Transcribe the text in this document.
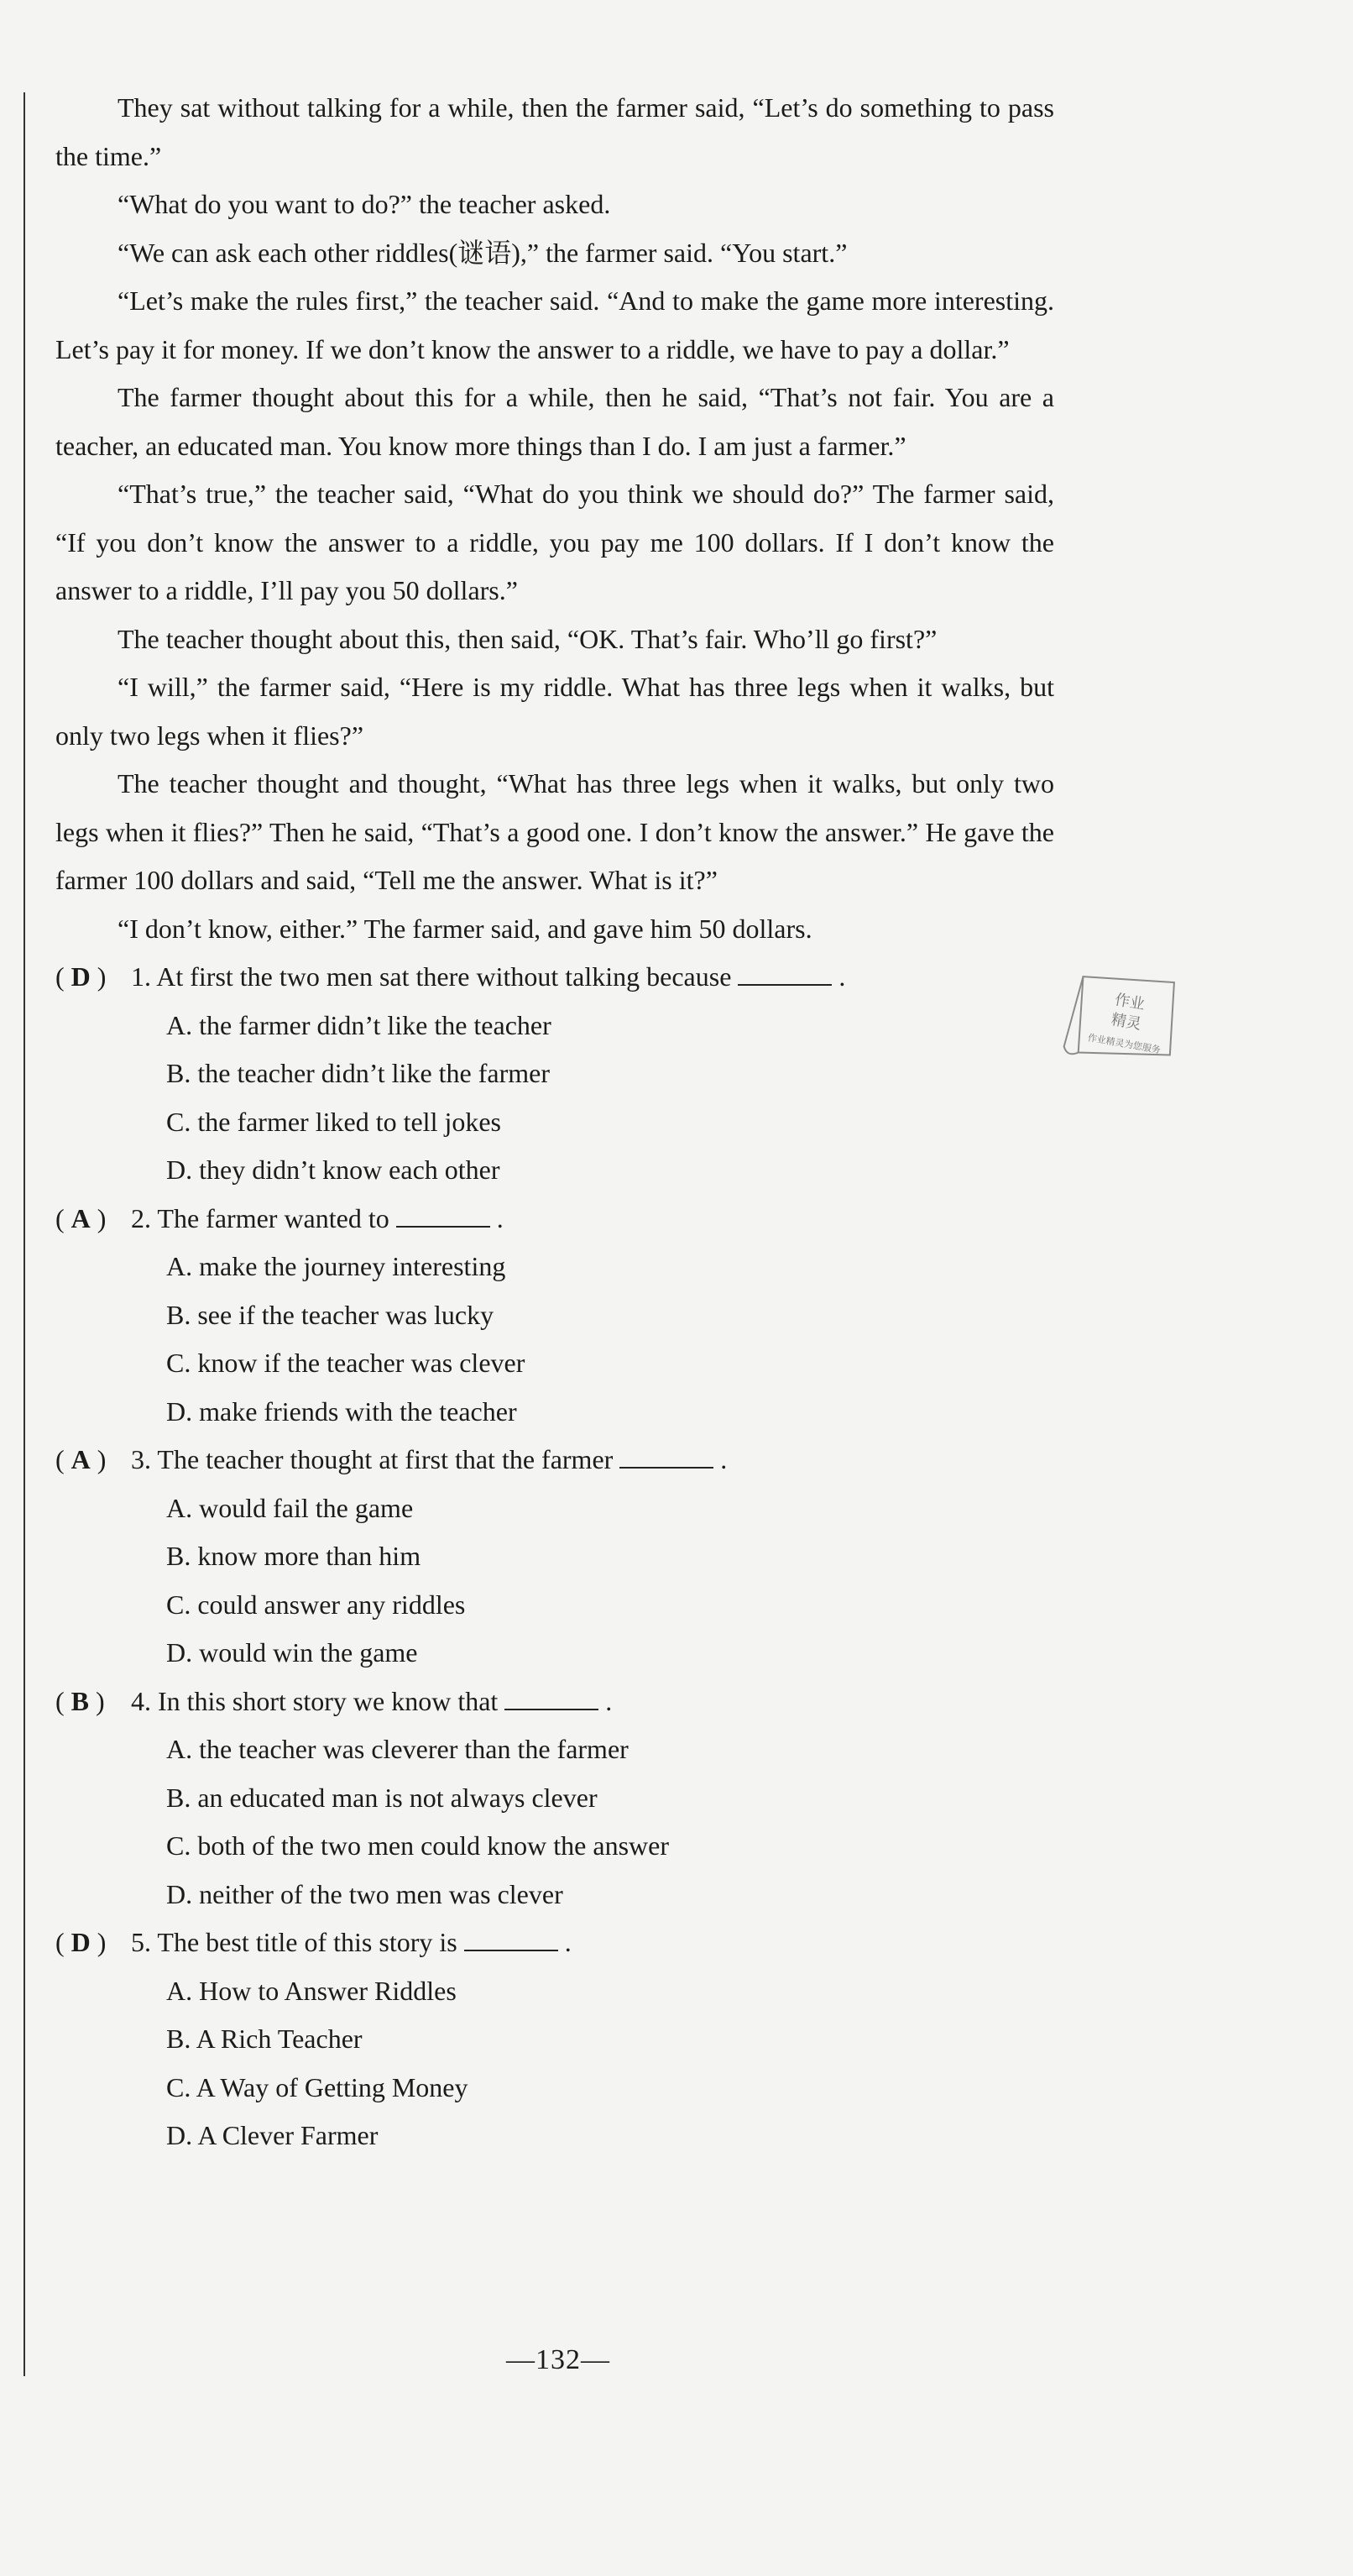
They sat without talking for a while, then the farmer said, “Let’s do something to pass the time.”

“What do you want to do?” the teacher asked.

“We can ask each other riddles(谜语),” the farmer said. “You start.”

“Let’s make the rules first,” the teacher said. “And to make the game more interesting. Let’s pay it for money. If we don’t know the answer to a riddle, we have to pay a dollar.”

The farmer thought about this for a while, then he said, “That’s not fair. You are a teacher, an educated man. You know more things than I do. I am just a farmer.”

“That’s true,” the teacher said, “What do you think we should do?” The farmer said, “If you don’t know the answer to a riddle, you pay me 100 dollars. If I don’t know the answer to a riddle, I’ll pay you 50 dollars.”

The teacher thought about this, then said, “OK. That’s fair. Who’ll go first?”

“I will,” the farmer said, “Here is my riddle. What has three legs when it walks, but only two legs when it flies?”

The teacher thought and thought, “What has three legs when it walks, but only two legs when it flies?” Then he said, “That’s a good one. I don’t know the answer.” He gave the farmer 100 dollars and said, “Tell me the answer. What is it?”

“I don’t know, either.” The farmer said, and gave him 50 dollars.

( D ) 1. At first the two men sat there without talking because	.

A. the farmer didn’t like the teacher

B. the teacher didn’t like the farmer

C. the farmer liked to tell jokes

D. they didn’t know each other

( A ) 2. The farmer wanted to	.

A. make the journey interesting

B. see if the teacher was lucky

C. know if the teacher was clever

D. make friends with the teacher

( A ) 3. The teacher thought at first that the farmer	.

A. would fail the game

B. know more than him

C. could answer any riddles

D. would win the game

( B ) 4. In this short story we know that	.

A. the teacher was cleverer than the farmer

B. an educated man is not always clever

C. both of the two men could know the answer

D. neither of the two men was clever

( D ) 5. The best title of this story is	.

A. How to Answer Riddles

B. A Rich Teacher

C. A Way of Getting Money

D. A Clever Farmer

作业
精灵
作业精灵为您服务
—132—
